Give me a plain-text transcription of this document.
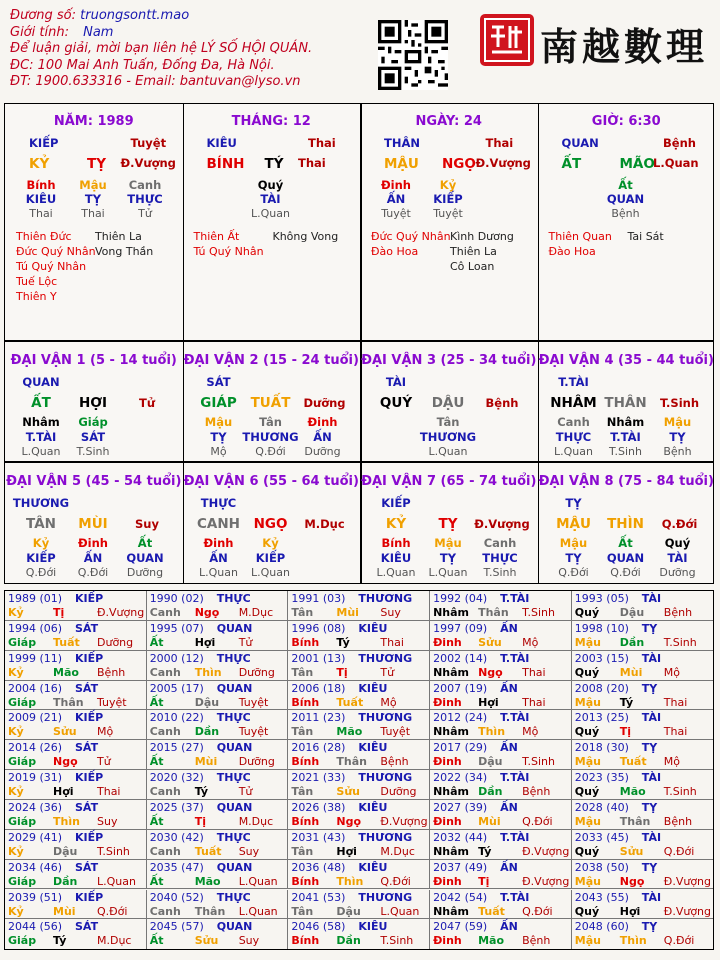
Đương số: truongsontt.mao
Giới tính: Nam
Để luận giải, mời bạn liên hệ LÝ SỐ HỘI QUÁN.
ĐC: 100 Mai Anh Tuấn, Đống Đa, Hà Nội.
ĐT: 1900.633316 - Email: bantuvan@lyso.vn
南越數理
NĂM: 1989
KIẾP	Tuyệt
KỶ	TỴ Đ.Vượng
Bính
KIÊU
Thai
Mậu
TỴ
Thai
Canh
THỰC
Tử
Thiên Đức
Đức Quý Nhân
Tú Quý Nhân
Tuế Lộc
Thiên Y
Thiên La
Vong Thần
THÁNG: 12
KIÊU	Thai
BÍNH TÝ Thai
Quý
TÀI
L.Quan
Thiên Ất
Tú Quý Nhân
Không Vong
NGÀY: 24
THÂN	Thai
MẬU NGỌ Đ.Vượng
Đinh
ẤN
Tuyệt
Kỷ
KIẾP
Tuyệt
Đức Quý Nhân
Đào Hoa
Kình Dương
Thiên La
Cô Loan
GIỜ: 6:30
QUAN	Bệnh
ẤT	MÃO
L.Quan
Ất
QUAN
Bệnh
Thiên Quan
Đào Hoa
Tai Sát
ĐẠI VẬN 1 (5 - 14 tuổi)
QUAN
ẤT	HỢI	Tử
Nhâm
T.TÀI
L.Quan
Giáp
SÁT
T.Sinh
ĐẠI VẬN 2 (15 - 24 tuổi)
SÁT
GIÁP	TUẤT	Dưỡng
Mậu
TỴ
Mộ
Tân
THƯƠNG
Q.Đới
Đinh
ẤN
Dưỡng
ĐẠI VẬN 3 (25 - 34 tuổi)
TÀI
QUÝ	DẬU	Bệnh
Tân
THƯƠNG
L.Quan
ĐẠI VẬN 4 (35 - 44 tuổi)
T.TÀI
NHÂM THÂN	T.Sinh
Canh
THỰC
L.Quan
Nhâm
T.TÀI
T.Sinh
Mậu
TỴ
Bệnh
ĐẠI VẬN 5 (45 - 54 tuổi)
THƯƠNG
TÂN	MÙI	Suy
Kỷ
KIẾP
Q.Đới
Đinh
ẤN
Q.Đới
Ất
QUAN
Dưỡng
ĐẠI VẬN 6 (55 - 64 tuổi)
THỰC
CANH	NGỌ	M.Dục
Đinh
ẤN
L.Quan
Kỷ
KIẾP
L.Quan
ĐẠI VẬN 7 (65 - 74 tuổi)
KIẾP
KỶ	TỴ	Đ.Vượng
Bính
KIÊU
L.Quan
Mậu
TỴ
L.Quan
Canh
THỰC
T.Sinh
ĐẠI VẬN 8 (75 - 84 tuổi)
TỴ
MẬU	THÌN	Q.Đới
Mậu
TỴ
Q.Đới
Ất
QUAN
Q.Đới
Quý
TÀI
Dưỡng
1989 (01) KIẾP
Kỷ	Tị	Đ.Vượng
1990 (02) THỰC
Canh Ngọ M.Dục
1991 (03) THƯƠNG
Tân Mùi Suy
1992 (04) T.TÀI
Nhâm Thân T.Sinh
1993 (05) TÀI
Quý Dậu Bệnh
1994 (06) SÁT
Giáp Tuất Dưỡng
1995 (07) QUAN
Ất	Hợi Tử
1996 (08) KIÊU
Bính Tý	Thai
1997 (09) ẤN
Đinh Sửu Mộ
1998 (10) TỴ
Mậu Dần T.Sinh
1999 (11) KIẾP
Kỷ	Mão Bệnh
2000 (12) THỰC
Canh Thìn Dưỡng
2001 (13) THƯƠNG
Tân Tị	Tử
2002 (14) T.TÀI
Nhâm Ngọ Thai
2003 (15) TÀI
Quý Mùi Mộ
2004 (16) SÁT
Giáp Thân Tuyệt
2005 (17) QUAN
Ất	Dậu Tuyệt
2006 (18) KIÊU
Bính Tuất Mộ
2007 (19) ẤN
Đinh Hợi Thai
2008 (20) TỴ
Mậu Tý	Thai
2009 (21) KIẾP
Kỷ	Sửu Mộ
2010 (22) THỰC
Canh Dần Tuyệt
2011 (23) THƯƠNG
Tân Mão Tuyệt
2012 (24) T.TÀI
Nhâm Thìn Mộ
2013 (25) TÀI
Quý Tị	Thai
2014 (26) SÁT
Giáp Ngọ Tử
2015 (27) QUAN
Ất	Mùi Dưỡng
2016 (28) KIÊU
Bính Thân Bệnh
2017 (29) ẤN
Đinh Dậu T.Sinh
2018 (30) TỴ
Mậu Tuất Mộ
2019 (31) KIẾP
Kỷ	Hợi Thai
2020 (32) THỰC
Canh Tý	Tử
2021 (33) THƯƠNG
Tân Sửu Dưỡng
2022 (34) T.TÀI
Nhâm Dần Bệnh
2023 (35) TÀI
Quý Mão T.Sinh
2024 (36) SÁT
Giáp Thìn Suy
2025 (37) QUAN
Ất	Tị	M.Dục
2026 (38) KIÊU
Bính Ngọ Đ.Vượng
2027 (39) ẤN
Đinh Mùi Q.Đới
2028 (40) TỴ
Mậu Thân Bệnh
2029 (41) KIẾP
Kỷ	Dậu T.Sinh
2030 (42) THỰC
Canh Tuất Suy
2031 (43) THƯƠNG
Tân Hợi M.Dục
2032 (44) T.TÀI
Nhâm Tý	Đ.Vượng
2033 (45) TÀI
Quý Sửu Q.Đới
2034 (46) SÁT
Giáp Dần L.Quan
2035 (47) QUAN
Ất	Mão L.Quan
2036 (48) KIÊU
Bính Thìn Q.Đới
2037 (49) ẤN
Đinh Tị	Đ.Vượng
2038 (50) TỴ
Mậu Ngọ Đ.Vượng
2039 (51) KIẾP
Kỷ	Mùi Q.Đới
2040 (52) THỰC
Canh Thân L.Quan
2041 (53) THƯƠNG
Tân Dậu L.Quan
2042 (54) T.TÀI
Nhâm Tuất Q.Đới
2043 (55) TÀI
Quý Hợi Đ.Vượng
2044 (56) SÁT
Giáp Tý	M.Dục
2045 (57) QUAN
Ất	Sửu Suy
2046 (58) KIÊU
Bính Dần T.Sinh
2047 (59) ẤN
Đinh Mão Bệnh
2048 (60) TỴ
Mậu Thìn Q.Đới
